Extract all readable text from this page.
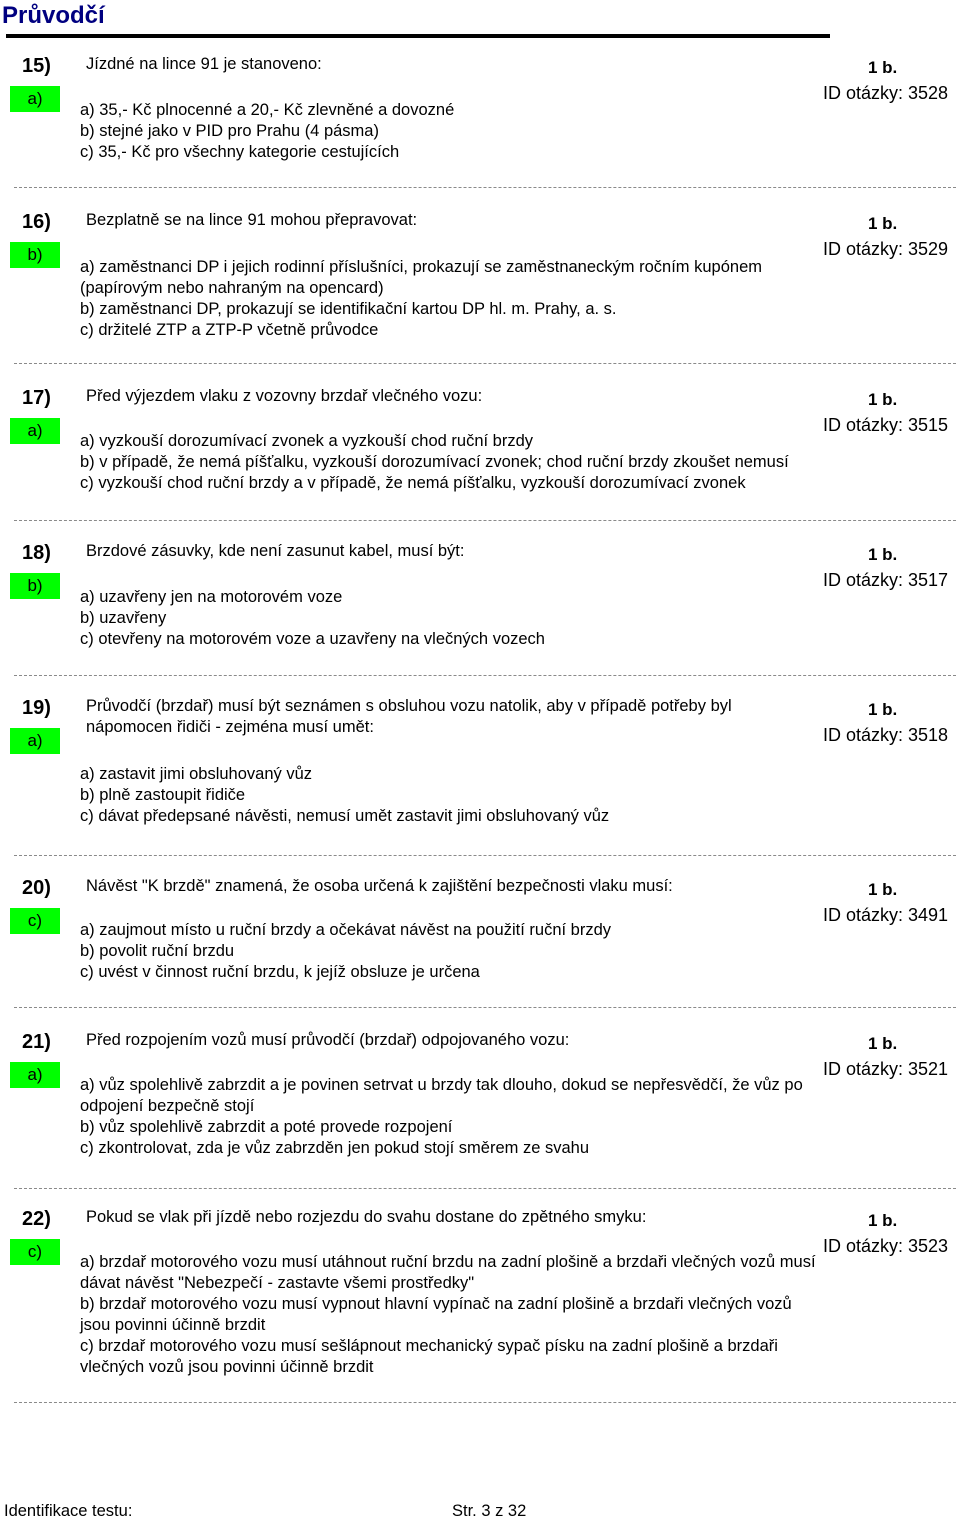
Průvodčí
15)
a)
Jízdné na lince 91 je stanoveno:	1 b.
ID otázky: 3528
a) 35,- Kč plnocenné a 20,- Kč zlevněné a dovozné
b) stejné jako v PID pro Prahu (4 pásma)
c) 35,- Kč pro všechny kategorie cestujících
16)
b)
Bezplatně se na lince 91 mohou přepravovat:	1 b.
ID otázky: 3529
a) zaměstnanci DP i jejich rodinní příslušníci, prokazují se zaměstnaneckým ročním kupónem
(papírovým nebo nahraným na opencard)
b) zaměstnanci DP, prokazují se identifikační kartou DP hl. m. Prahy, a. s.
c) držitelé ZTP a ZTP-P včetně průvodce
17)
a)
Před výjezdem vlaku z vozovny brzdař vlečného vozu:	1 b.
ID otázky: 3515
a) vyzkouší dorozumívací zvonek a vyzkouší chod ruční brzdy
b) v případě, že nemá píšťalku, vyzkouší dorozumívací zvonek; chod ruční brzdy zkoušet nemusí
c) vyzkouší chod ruční brzdy a v případě, že nemá píšťalku, vyzkouší dorozumívací zvonek
18)
b)
Brzdové zásuvky, kde není zasunut kabel, musí být:	1 b.
ID otázky: 3517
a) uzavřeny jen na motorovém voze
b) uzavřeny
c) otevřeny na motorovém voze a uzavřeny na vlečných vozech
19)
a)
Průvodčí (brzdař) musí být seznámen s obsluhou vozu natolik, aby v případě potřeby byl
nápomocen řidiči - zejména musí umět:
1 b.
ID otázky: 3518
a) zastavit jimi obsluhovaný vůz
b) plně zastoupit řidiče
c) dávat předepsané návěsti, nemusí umět zastavit jimi obsluhovaný vůz
20)
c)
Návěst "K brzdě" znamená, že osoba určená k zajištění bezpečnosti vlaku musí:	1 b.
ID otázky: 3491
a) zaujmout místo u ruční brzdy a očekávat návěst na použití ruční brzdy
b) povolit ruční brzdu
c) uvést v činnost ruční brzdu, k jejíž obsluze je určena
21)
a)
Před rozpojením vozů musí průvodčí (brzdař) odpojovaného vozu:	1 b.
ID otázky: 3521
a) vůz spolehlivě zabrzdit a je povinen setrvat u brzdy tak dlouho, dokud se nepřesvědčí, že vůz po
odpojení bezpečně stojí
b) vůz spolehlivě zabrzdit a poté provede rozpojení
c) zkontrolovat, zda je vůz zabrzděn jen pokud stojí směrem ze svahu
22)
c)
Pokud se vlak při jízdě nebo rozjezdu do svahu dostane do zpětného smyku:	1 b.
ID otázky: 3523
a) brzdař motorového vozu musí utáhnout ruční brzdu na zadní plošině a brzdaři vlečných vozů musí
dávat návěst "Nebezpečí - zastavte všemi prostředky"
b) brzdař motorového vozu musí vypnout hlavní vypínač na zadní plošině a brzdaři vlečných vozů
jsou povinni účinně brzdit
c) brzdař motorového vozu musí sešlápnout mechanický sypač písku na zadní plošině a brzdaři
vlečných vozů jsou povinni účinně brzdit
Identifikace testu:	Str. 3 z 32
